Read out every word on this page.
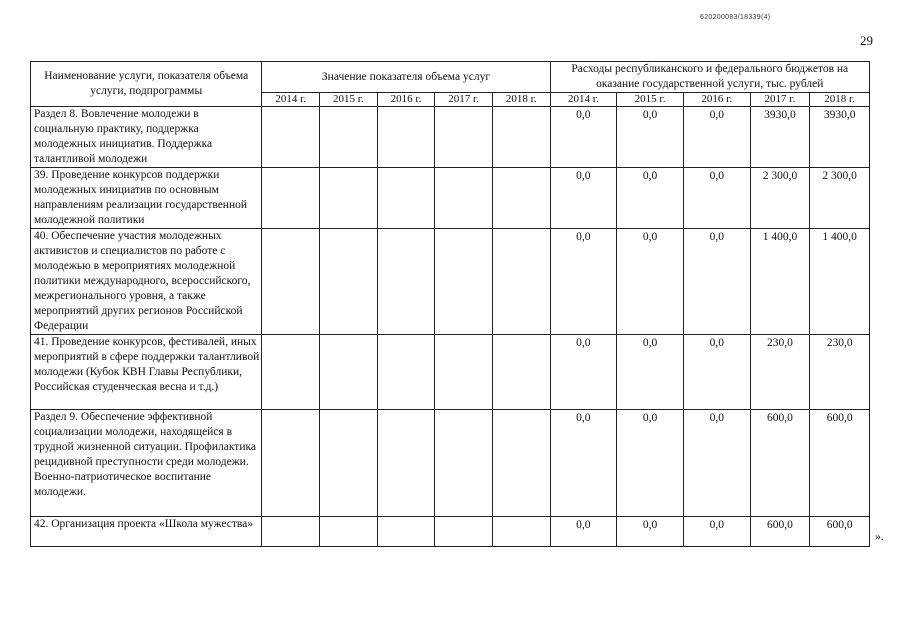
620200083/18339(4)
29
Наименование услуги, показателя объема услуги, подпрограммы	Значение показателя объема услуг					Расходы республиканского и федерального бюджетов на оказание государственной услуги, тыс. рублей				
	2014 г.	2015 г.	2016 г.	2017 г.	2018 г.	2014 г.	2015 г.	2016 г.	2017 г.	2018 г.
Раздел 8. Вовлечение молодежи в социальную практику, поддержка молодежных инициатив. Поддержка талантливой молодежи						0,0	0,0	0,0	3930,0	3930,0
39. Проведение конкурсов поддержки молодежных инициатив по основным направлениям реализации государственной молодежной политики						0,0	0,0	0,0	2 300,0	2 300,0
40. Обеспечение участия молодежных активистов и специалистов по работе с молодежью в мероприятиях молодежной политики международного, всероссийского, межрегионального уровня, а также мероприятий других регионов Российской Федерации						0,0	0,0	0,0	1 400,0	1 400,0
41. Проведение конкурсов, фестивалей, иных мероприятий в сфере поддержки талантливой молодежи (Кубок КВН Главы Республики, Российская студенческая весна и т.д.)						0,0	0,0	0,0	230,0	230,0
Раздел 9. Обеспечение эффективной социализации молодежи, находящейся в трудной жизненной ситуации. Профилактика рецидивной преступности среди молодежи. Военно-патриотическое воспитание молодежи.						0,0	0,0	0,0	600,0	600,0
42. Организация проекта «Школа мужества»						0,0	0,0	0,0	600,0	600,0
».
